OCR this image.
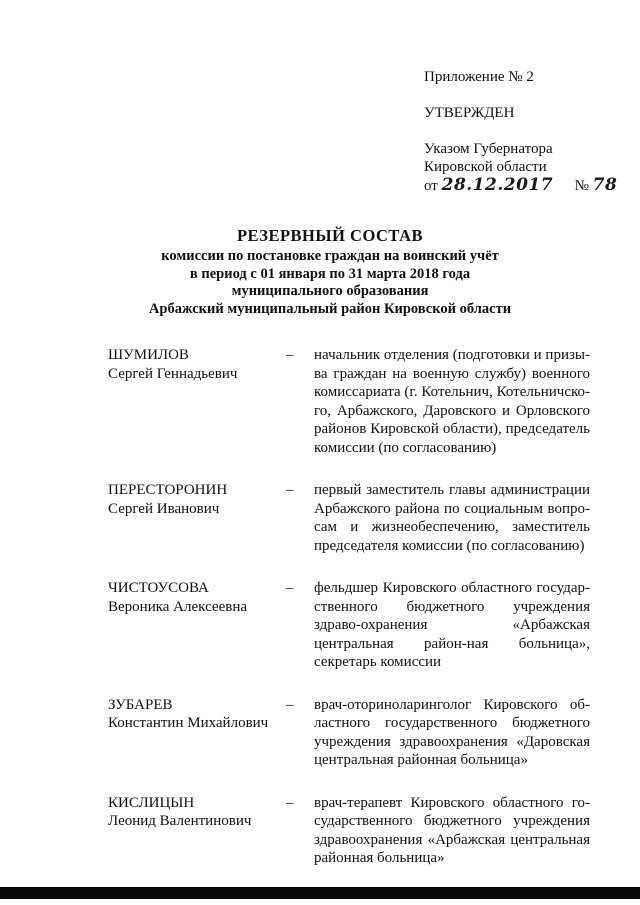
Приложение № 2
УТВЕРЖДЕН
Указом Губернатора
Кировской области
от 28.12.2017 № 78
РЕЗЕРВНЫЙ СОСТАВ
комиссии по постановке граждан на воинский учёт
в период с 01 января по 31 марта 2018 года
муниципального образования
Арбажский муниципальный район Кировской области
ШУМИЛОВ
Сергей Геннадьевич
–	начальник отделения (подготовки и призы-ва граждан на военную службу) военного комиссариата (г. Котельнич, Котельничско-го, Арбажского, Даровского и Орловского районов Кировской области), председатель комиссии (по согласованию)
ПЕРЕСТОРОНИН
Сергей Иванович
–	первый заместитель главы администрации Арбажского района по социальным вопро-сам и жизнеобеспечению, заместитель председателя комиссии (по согласованию)
ЧИСТОУСОВА
Вероника Алексеевна
–	фельдшер Кировского областного государ-ственного бюджетного учреждения здраво-охранения «Арбажская центральная район-ная больница», секретарь комиссии
ЗУБАРЕВ
Константин Михайлович
–	врач-оториноларинголог Кировского об-ластного государственного бюджетного учреждения здравоохранения «Даровская центральная районная больница»
КИСЛИЦЫН
Леонид Валентинович
–	врач-терапевт Кировского областного го-сударственного бюджетного учреждения здравоохранения «Арбажская центральная районная больница»
